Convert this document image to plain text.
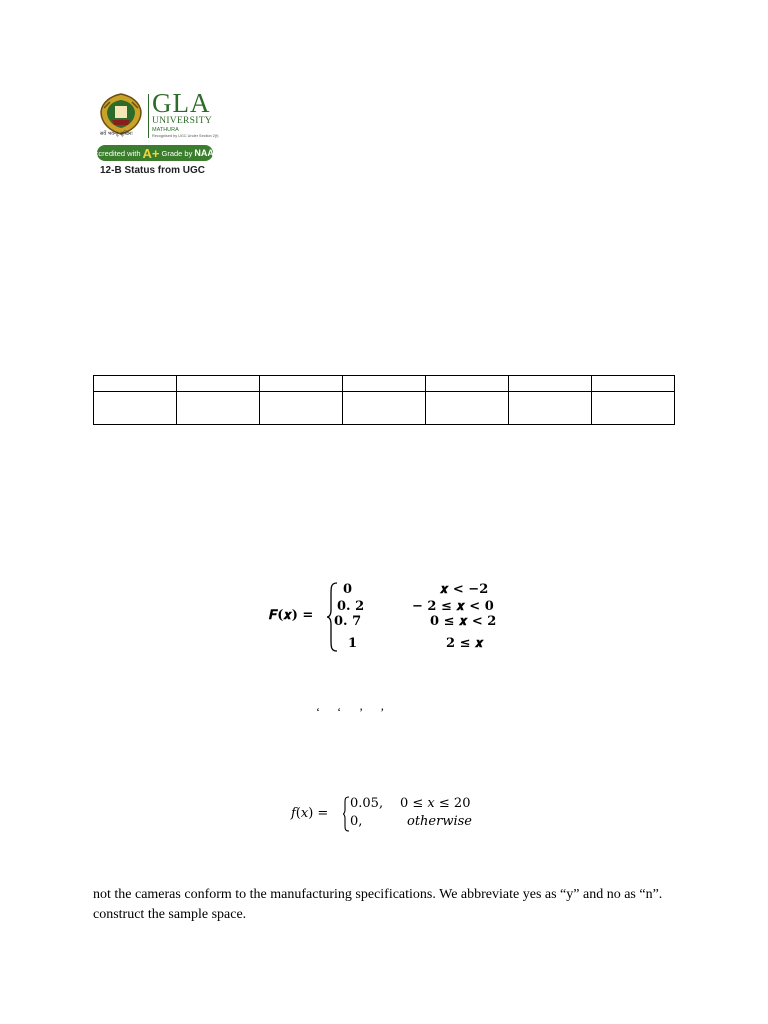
GLA
UNIVERSITY
MATHURA
Recognised by UGC Under Section 2(f)
सर्वे भवन्तु सुखिनः
Accredited with A+ Grade by NAAC
12-B Status from UGC

𝑭(𝒙) =
𝟎	𝒙 < −𝟐
𝟎. 𝟐	− 𝟐 ≤ 𝒙 < 𝟎
𝟎. 𝟕	𝟎 ≤ 𝒙 < 𝟐
𝟏	𝟐 ≤ 𝒙
‘‘’’
𝑓(𝑥) =
0.05, 0 ≤ 𝑥 ≤ 20
0,	otherwise
not the cameras conform to the manufacturing specifications. We abbreviate yes as “y” and no as “n”. construct the sample space.
